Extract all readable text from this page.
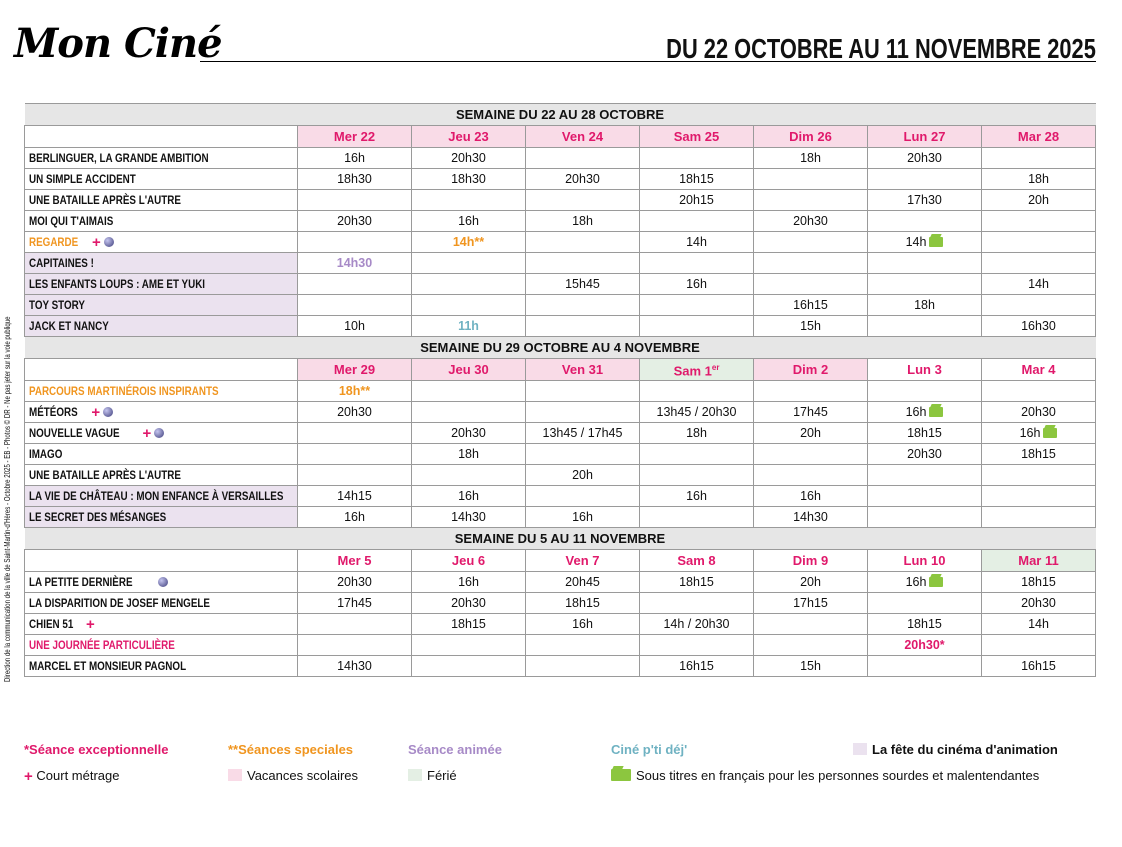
Mon Ciné	DU 22 OCTOBRE AU 11 NOVEMBRE 2025
Direction de la communication de la ville de Saint-Martin-d'Hères - Octobre 2025 - EB - Photos © DR - Ne pas jeter sur la voie publique
SEMAINE DU 22 AU 28 OCTOBRE							
	Mer 22	Jeu 23	Ven 24	Sam 25	Dim 26	Lun 27	Mar 28
BERLINGUER, LA GRANDE AMBITION	16h	20h30			18h	20h30	
UN SIMPLE ACCIDENT	18h30	18h30	20h30	18h15			18h
UNE BATAILLE APRÈS L'AUTRE				20h15		17h30	20h
MOI QUI T'AIMAIS	20h30	16h	18h		20h30		
REGARDE +		14h**		14h		14h	
CAPITAINES !	14h30						
LES ENFANTS LOUPS : AME ET YUKI			15h45	16h			14h
TOY STORY					16h15	18h	
JACK ET NANCY	10h	11h			15h		16h30
SEMAINE DU 29 OCTOBRE AU 4 NOVEMBRE							
	Mer 29	Jeu 30	Ven 31	Sam 1er	Dim 2	Lun 3	Mar 4
PARCOURS MARTINÉROIS INSPIRANTS	18h**						
MÉTÉORS +	20h30			13h45 / 20h30	17h45	16h	20h30
NOUVELLE VAGUE +		20h30	13h45 / 17h45	18h	20h	18h15	16h
IMAGO		18h				20h30	18h15
UNE BATAILLE APRÈS L'AUTRE			20h				
LA VIE DE CHÂTEAU : MON ENFANCE À VERSAILLES	14h15	16h		16h	16h		
LE SECRET DES MÉSANGES	16h	14h30	16h		14h30		
SEMAINE DU 5 AU 11 NOVEMBRE							
	Mer 5	Jeu 6	Ven 7	Sam 8	Dim 9	Lun 10	Mar 11
LA PETITE DERNIÈRE	20h30	16h	20h45	18h15	20h	16h	18h15
LA DISPARITION DE JOSEF MENGELE	17h45	20h30	18h15		17h15		20h30
CHIEN 51 +		18h15	16h	14h / 20h30		18h15	14h
UNE JOURNÉE PARTICULIÈRE						20h30*	
MARCEL ET MONSIEUR PAGNOL	14h30			16h15	15h		16h15
*Séance exceptionnelle	**Séances speciales	Séance animée	Ciné p'ti déj'	La fête du cinéma d'animation
+ Court métrage	Vacances scolaires	Férié	Sous titres en français pour les personnes sourdes et malentendantes
